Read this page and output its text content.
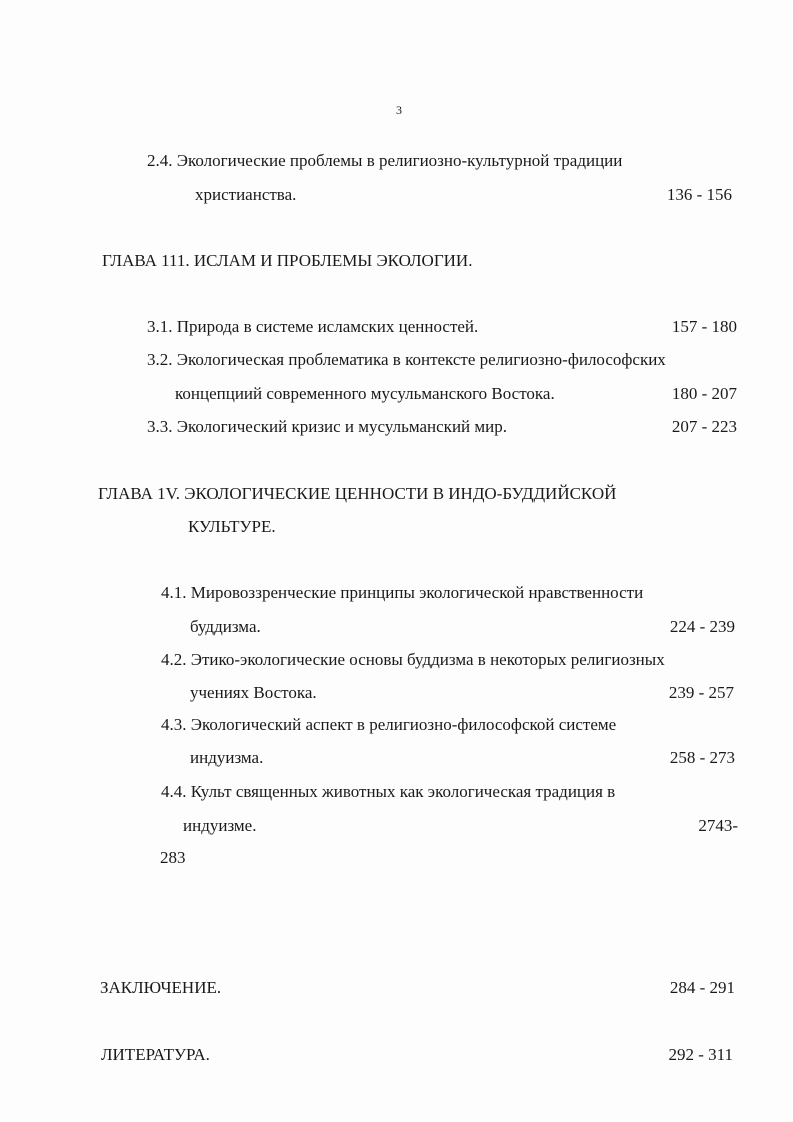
3
2.4. Экологические проблемы в религиозно-культурной традиции
христианства.	136 - 156
ГЛАВА 111. ИСЛАМ И ПРОБЛЕМЫ ЭКОЛОГИИ.
3.1. Природа в системе исламских ценностей.	157 - 180
3.2. Экологическая проблематика в контексте религиозно-философских
концепциий современного мусульманского Востока.	180 - 207
3.3. Экологический кризис и мусульманский мир.	207 - 223
ГЛАВА 1V. ЭКОЛОГИЧЕСКИЕ ЦЕННОСТИ В ИНДО-БУДДИЙСКОЙ
КУЛЬТУРЕ.
4.1. Мировоззренческие принципы экологической нравственности
буддизма.	224 - 239
4.2. Этико-экологические основы буддизма в некоторых религиозных
учениях Востока.	239 - 257
4.3. Экологический аспект в религиозно-философской системе
индуизма.	258 - 273
4.4. Культ священных животных как экологическая традиция в
индуизме.	2743-
283
ЗАКЛЮЧЕНИЕ.	284 - 291
ЛИТЕРАТУРА.	292 - 311
